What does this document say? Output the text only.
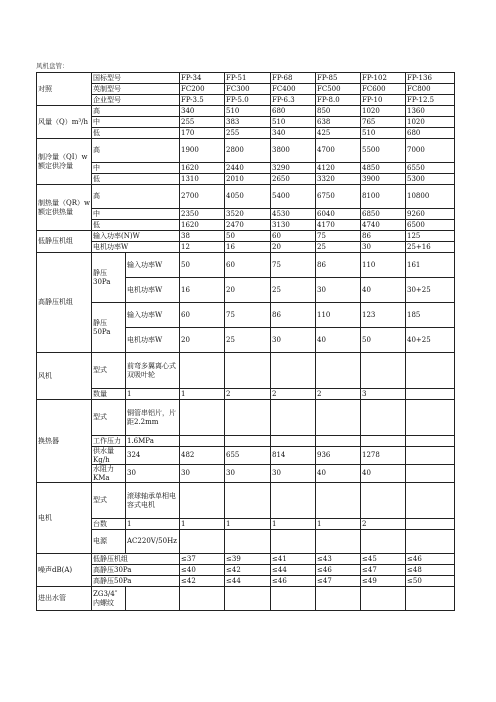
风机盘管：
对照	国标型号		FP-34	FP-51	FP-68	FP-85	FP-102	FP-136
	英制型号		FC200	FC300	FC400	FC500	FC600	FC800
	企业型号		FP-3.5	FP-5.0	FP-6.3	FP-8.0	FP-10	FP-12.5
风量（Q）m³/h	高		340	510	680	850	1020	1360
	中		255	383	510	638	765	1020
	低		170	255	340	425	510	680
制冷量（QI）w额定供冷量	高		1900	2800	3800	4700	5500	7000
	中		1620	2440	3290	4120	4850	6550
	低		1310	2010	2650	3320	3900	5300
制热量（QR）w额定供热量	高		2700	4050	5400	6750	8100	10800
	中		2350	3520	4530	6040	6850	9260
	低		1620	2470	3130	4170	4740	6500
低静压机组	输入功率(N)W		38	50	60	75	86	125
	电机功率W		12	16	20	25	30	25+16
高静压机组	静压30Pa	输入功率W	50	60	75	86	110	161
		电机功率W	16	20	25	30	40	30+25
	静压50Pa	输入功率W	60	75	86	110	123	185
		电机功率W	20	25	30	40	50	40+25
风机	型式	前弯多翼离心式双吸叶轮						
	数量	1	1	2	2	2	3	
换热器	型式	铜管串铝片，片距2.2mm						
	工作压力	1.6MPa						
	供水量Kg/h	324	482	655	814	936	1278	
	水阻力KMa	30	30	30	30	40	40	
电机	型式	滚球轴承单相电容式电机						
	台数	1	1	1	1	1	2	
	电源	AC220V/50Hz						
噪声dB(A)	低静压机组		≤37	≤39	≤41	≤43	≤45	≤46
	高静压30Pa		≤40	≤42	≤44	≤46	≤47	≤48
	高静压50Pa		≤42	≤44	≤46	≤47	≤49	≤50
进出水管	ZG3/4″内螺纹							
